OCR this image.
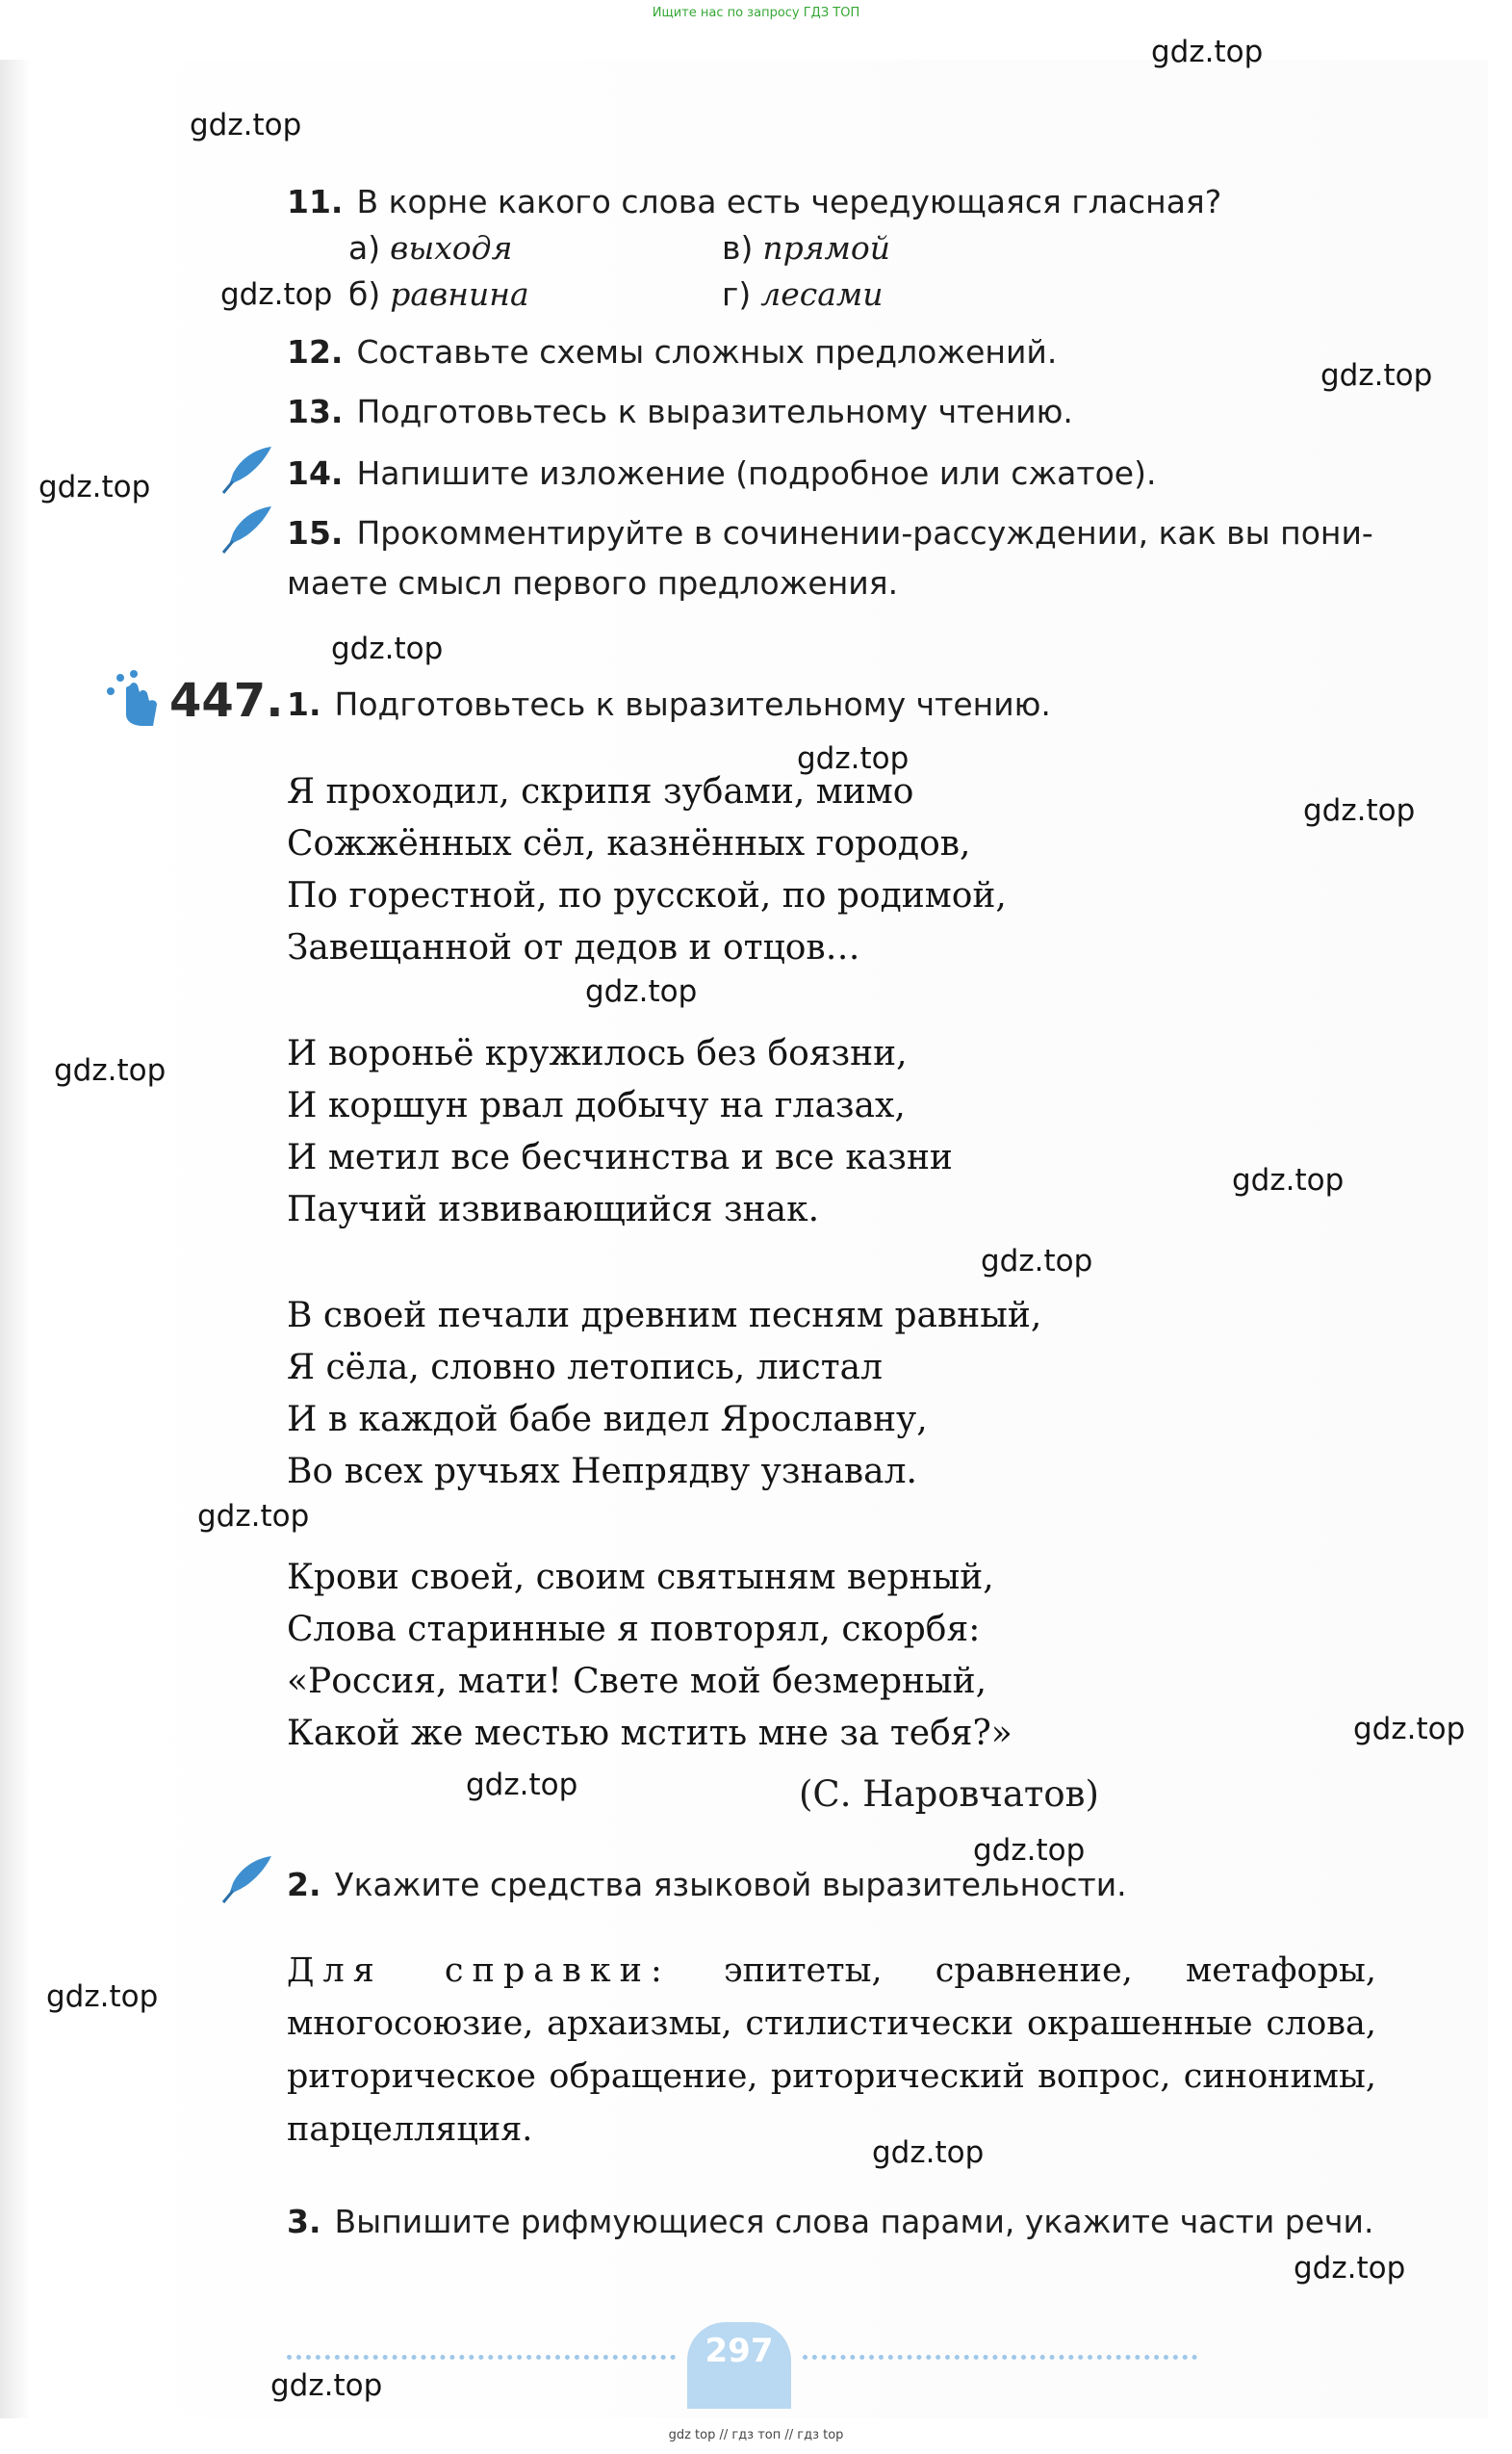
Ищите нас по запросу ГДЗ ТОП
gdz.top
gdz.top
gdz.top
gdz.top
gdz.top
gdz.top
gdz.top
gdz.top
gdz.top
gdz.top
gdz.top
gdz.top
gdz.top
gdz.top
gdz.top
gdz.top
gdz.top
gdz.top
gdz.top
gdz.top
11. В корне какого слова есть чередующаяся гласная?
а) выходя
б) равнина
в) прямой
г) лесами
12. Составьте схемы сложных предложений.
13. Подготовьтесь к выразительному чтению.
14. Напишите изложение (подробное или сжатое).
15. Прокомментируйте в сочинении-рассуждении, как вы пони-
маете смысл первого предложения.
447. 1. Подготовьтесь к выразительному чтению.
Я проходил, скрипя зубами, мимо
Сожжённых сёл, казнённых городов,
По горестной, по русской, по родимой,
Завещанной от дедов и отцов…
И вороньё кружилось без боязни,
И коршун рвал добычу на глазах,
И метил все бесчинства и все казни
Паучий извивающийся знак.
В своей печали древним песням равный,
Я сёла, словно летопись, листал
И в каждой бабе видел Ярославну,
Во всех ручьях Непрядву узнавал.
Крови своей, своим святыням верный,
Слова старинные я повторял, скорбя:
«Россия, мати! Свете мой безмерный,
Какой же местью мстить мне за тебя?»
(С. Наровчатов)
2. Укажите средства языковой выразительности.
Для справки: эпитеты, сравнение, метафоры, многосоюзие, архаизмы, стилистически окрашенные слова, риторическое обращение, риторический вопрос, синонимы, парцелляция.
3. Выпишите рифмующиеся слова парами, укажите части речи.
297
gdz top // гдз топ // гдз top
